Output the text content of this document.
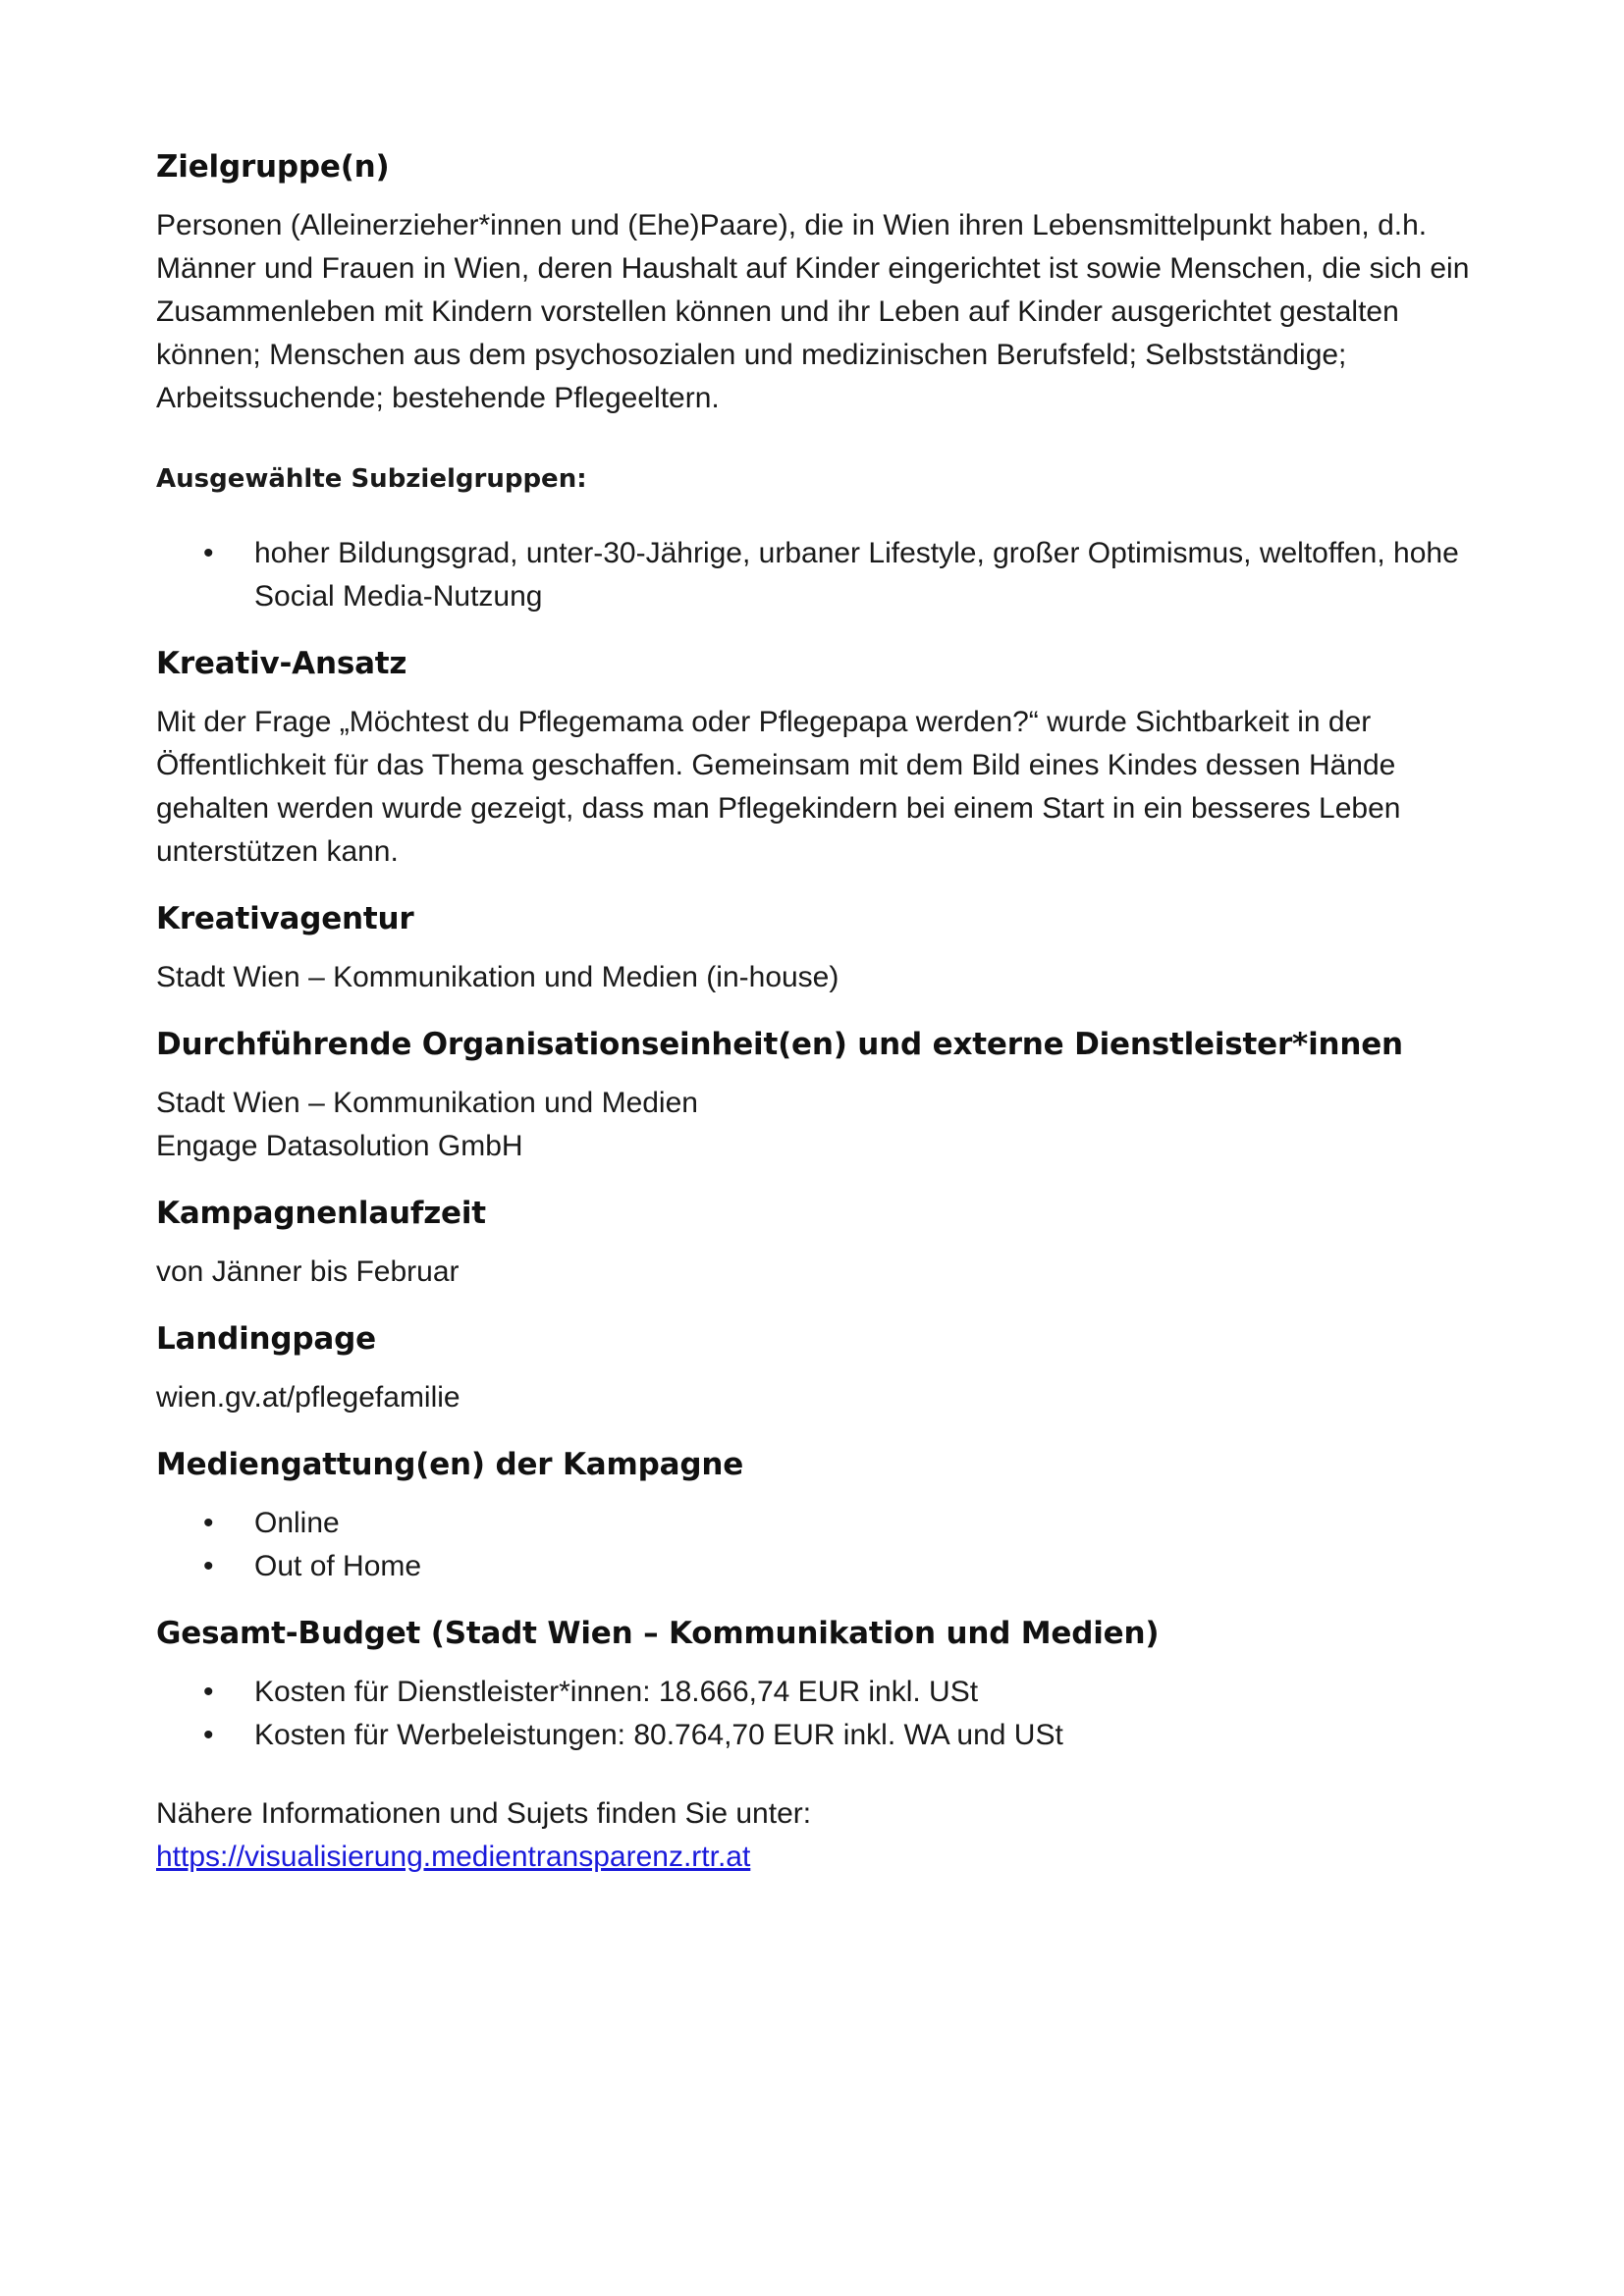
Zielgruppe(n)

Personen (Alleinerzieher*innen und (Ehe)Paare), die in Wien ihren Lebensmittelpunkt haben, d.h. Männer und Frauen in Wien, deren Haushalt auf Kinder eingerichtet ist sowie Menschen, die sich ein Zusammenleben mit Kindern vorstellen können und ihr Leben auf Kinder ausgerichtet gestalten können; Menschen aus dem psychosozialen und medizinischen Berufsfeld; Selbstständige; Arbeitssuchende; bestehende Pflegeeltern.

Ausgewählte Subzielgruppen:
• hoher Bildungsgrad, unter-30-Jährige, urbaner Lifestyle, großer Optimismus, weltoffen, hohe Social Media-Nutzung
Kreativ-Ansatz

Mit der Frage „Möchtest du Pflegemama oder Pflegepapa werden?“ wurde Sichtbarkeit in der Öffentlichkeit für das Thema geschaffen. Gemeinsam mit dem Bild eines Kindes dessen Hände gehalten werden wurde gezeigt, dass man Pflegekindern bei einem Start in ein besseres Leben unterstützen kann.

Kreativagentur

Stadt Wien – Kommunikation und Medien (in-house)

Durchführende Organisationseinheit(en) und externe Dienstleister*innen

Stadt Wien – Kommunikation und Medien
Engage Datasolution GmbH

Kampagnenlaufzeit

von Jänner bis Februar

Landingpage

wien.gv.at/pflegefamilie

Mediengattung(en) der Kampagne
• Online
• Out of Home
Gesamt-Budget (Stadt Wien – Kommunikation und Medien)
• Kosten für Dienstleister*innen: 18.666,74 EUR inkl. USt
• Kosten für Werbeleistungen: 80.764,70 EUR inkl. WA und USt

Nähere Informationen und Sujets finden Sie unter:
https://visualisierung.medientransparenz.rtr.at
